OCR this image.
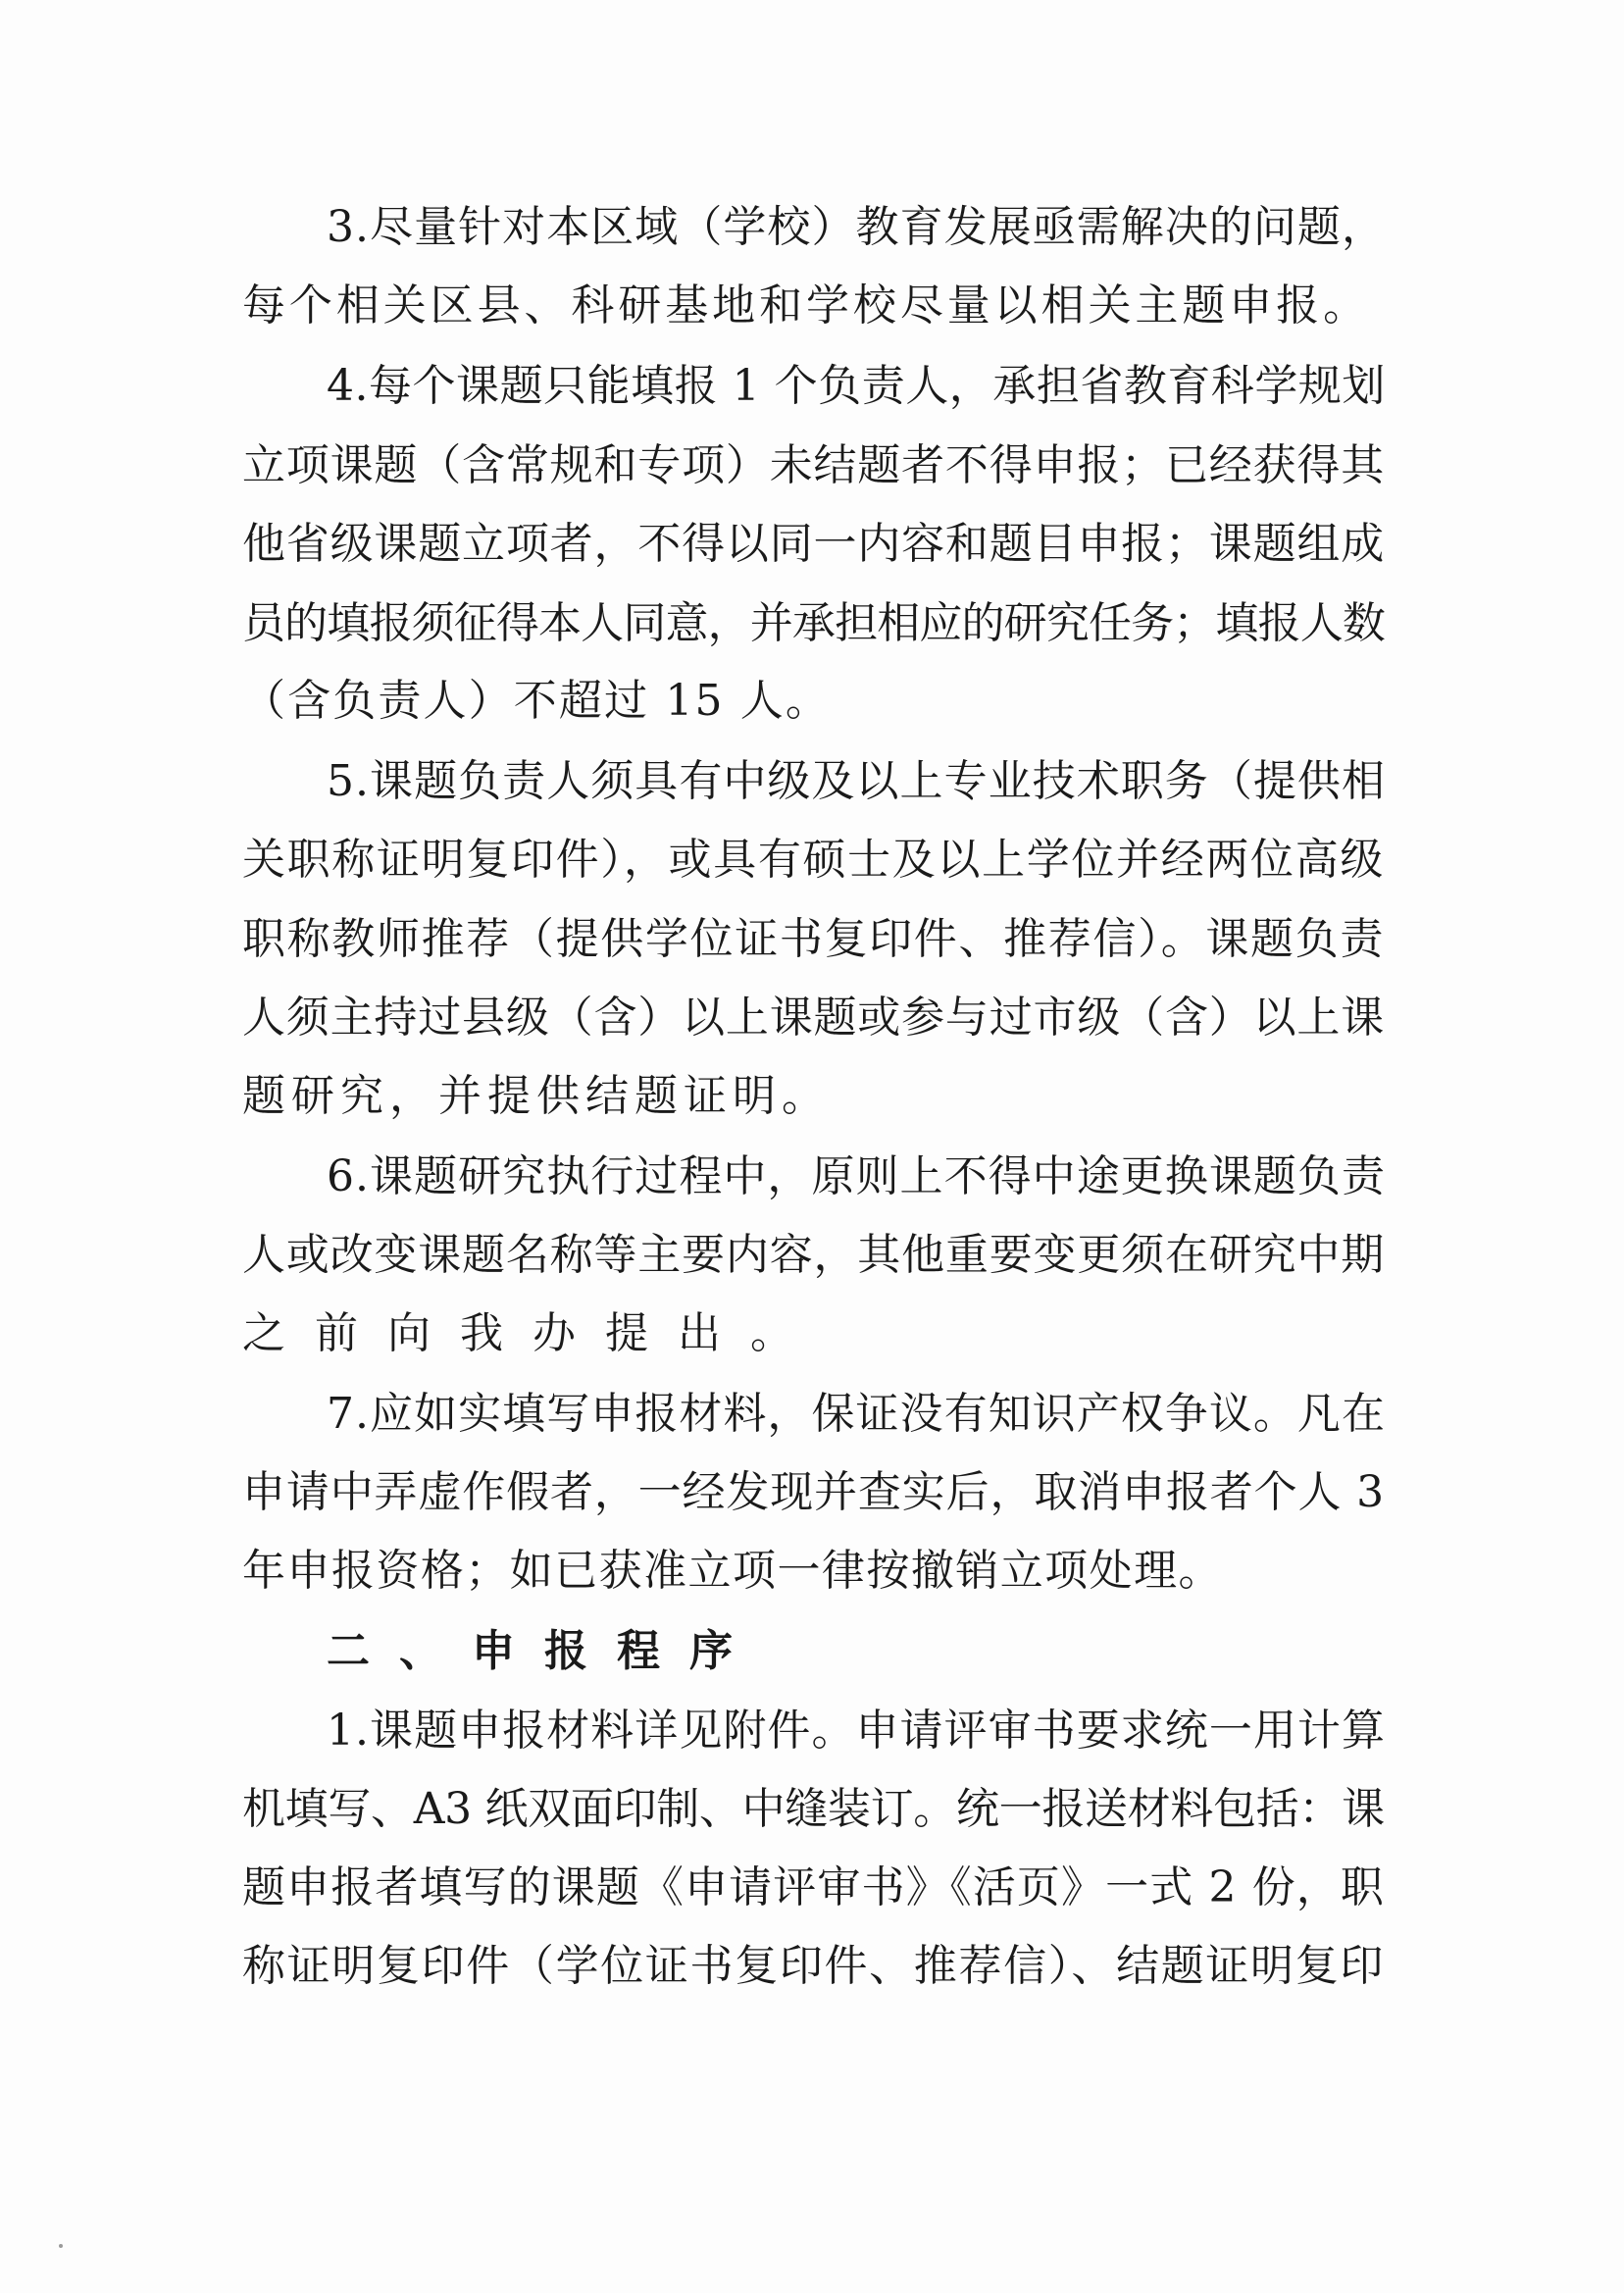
3.尽量针对本区域（学校）教育发展亟需解决的问题，
每个相关区县、科研基地和学校尽量以相关主题申报。
4.每个课题只能填报 1 个负责人，承担省教育科学规划
立项课题（含常规和专项）未结题者不得申报；已经获得其
他省级课题立项者，不得以同一内容和题目申报；课题组成
员的填报须征得本人同意，并承担相应的研究任务；填报人数
（含负责人）不超过 15 人。
5.课题负责人须具有中级及以上专业技术职务（提供相
关职称证明复印件），或具有硕士及以上学位并经两位高级
职称教师推荐（提供学位证书复印件、推荐信）。课题负责
人须主持过县级（含）以上课题或参与过市级（含）以上课
题研究，并提供结题证明。
6.课题研究执行过程中，原则上不得中途更换课题负责
人或改变课题名称等主要内容，其他重要变更须在研究中期
之前向我办提出。
7.应如实填写申报材料，保证没有知识产权争议。凡在
申请中弄虚作假者，一经发现并查实后，取消申报者个人 3
年申报资格；如已获准立项一律按撤销立项处理。
二、申报程序
1.课题申报材料详见附件。申请评审书要求统一用计算
机填写、A3 纸双面印制、中缝装订。统一报送材料包括：课
题申报者填写的课题《申请评审书》《活页》一式 2 份，职
称证明复印件（学位证书复印件、推荐信）、结题证明复印
